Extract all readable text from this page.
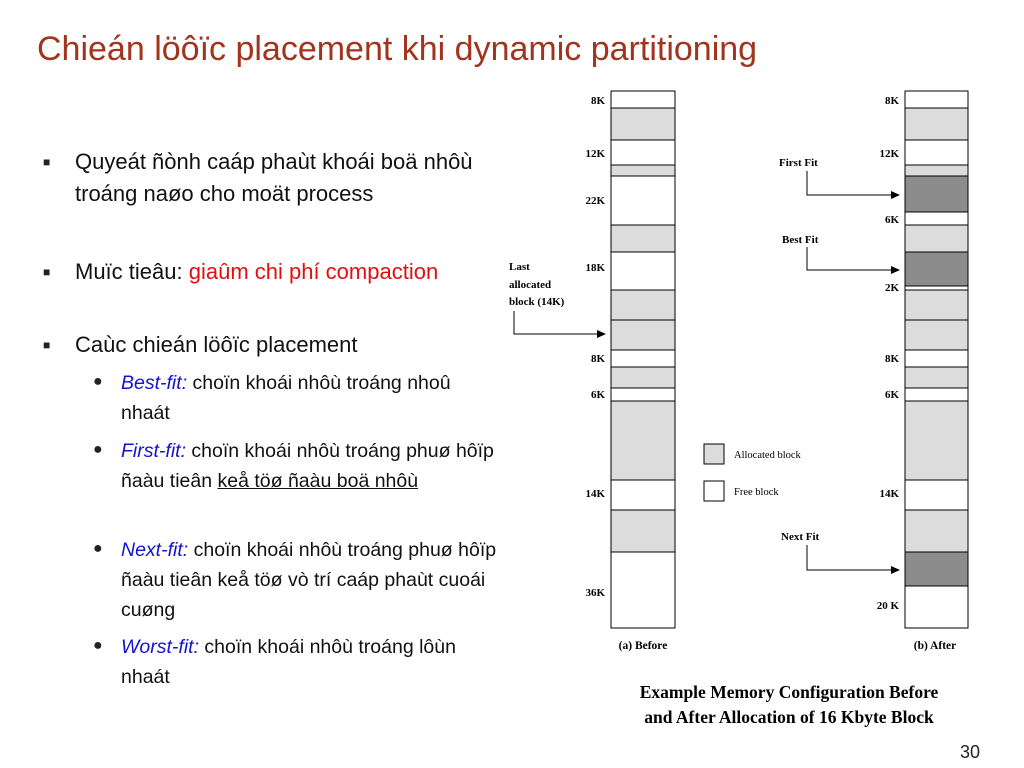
Chieán löôïc placement khi dynamic partitioning
■ Quyeát ñònh caáp phaùt khoái boä nhôù troáng naøo cho moät process
■ Muïc tieâu: giaûm chi phí compaction
■ Caùc chieán löôïc placement
● Best-fit: choïn khoái nhôù troáng nhoû nhaát
● First-fit: choïn khoái nhôù troáng phuø hôïp ñaàu tieân keå töø ñaàu boä nhôù
● Next-fit: choïn khoái nhôù troáng phuø hôïp ñaàu tieân keå töø vò trí caáp phaùt cuoái cuøng
● Worst-fit: choïn khoái nhôù troáng lôùn nhaát
8K
12K
22K
18K
8K
6K
14K
36K
8K
12K
6K
2K
8K
6K
14K
20 K
First Fit
Best Fit
Next Fit
Last
allocated
block (14K)
Allocated block
Free block
(a) Before	(b) After
Example Memory Configuration Before
and After Allocation of 16 Kbyte Block
30
